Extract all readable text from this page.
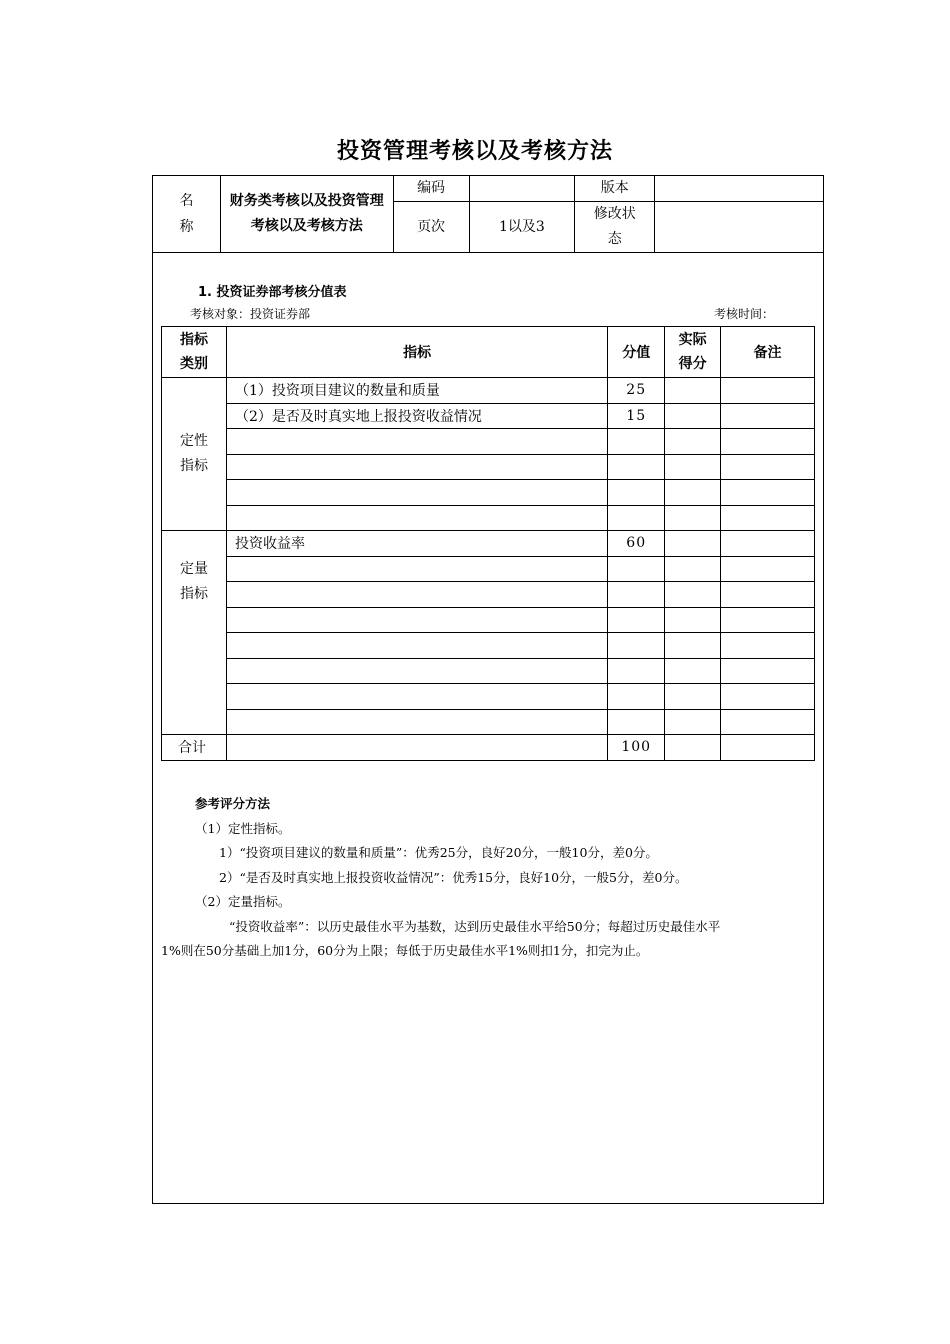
投资管理考核以及考核方法
名
称	财务类考核以及投资管理考核以及考核方法	编码		版本	
		页次	1以及3	修改状态	
1. 投资证券部考核分值表
考核对象：投资证券部	考核时间：
指标类别	指标	分值	实际得分	备注
定性指标	（1）投资项目建议的数量和质量	25		
	（2）是否及时真实地上报投资收益情况	15		

定量指标	投资收益率	60		

合计		100		
参考评分方法
（1）定性指标。
1）“投资项目建议的数量和质量”：优秀25分，良好20分，一般10分，差0分。
2）“是否及时真实地上报投资收益情况”：优秀15分，良好10分，一般5分，差0分。
（2）定量指标。
“投资收益率”：以历史最佳水平为基数，达到历史最佳水平给50分；每超过历史最佳水平
1%则在50分基础上加1分，60分为上限；每低于历史最佳水平1%则扣1分，扣完为止。
